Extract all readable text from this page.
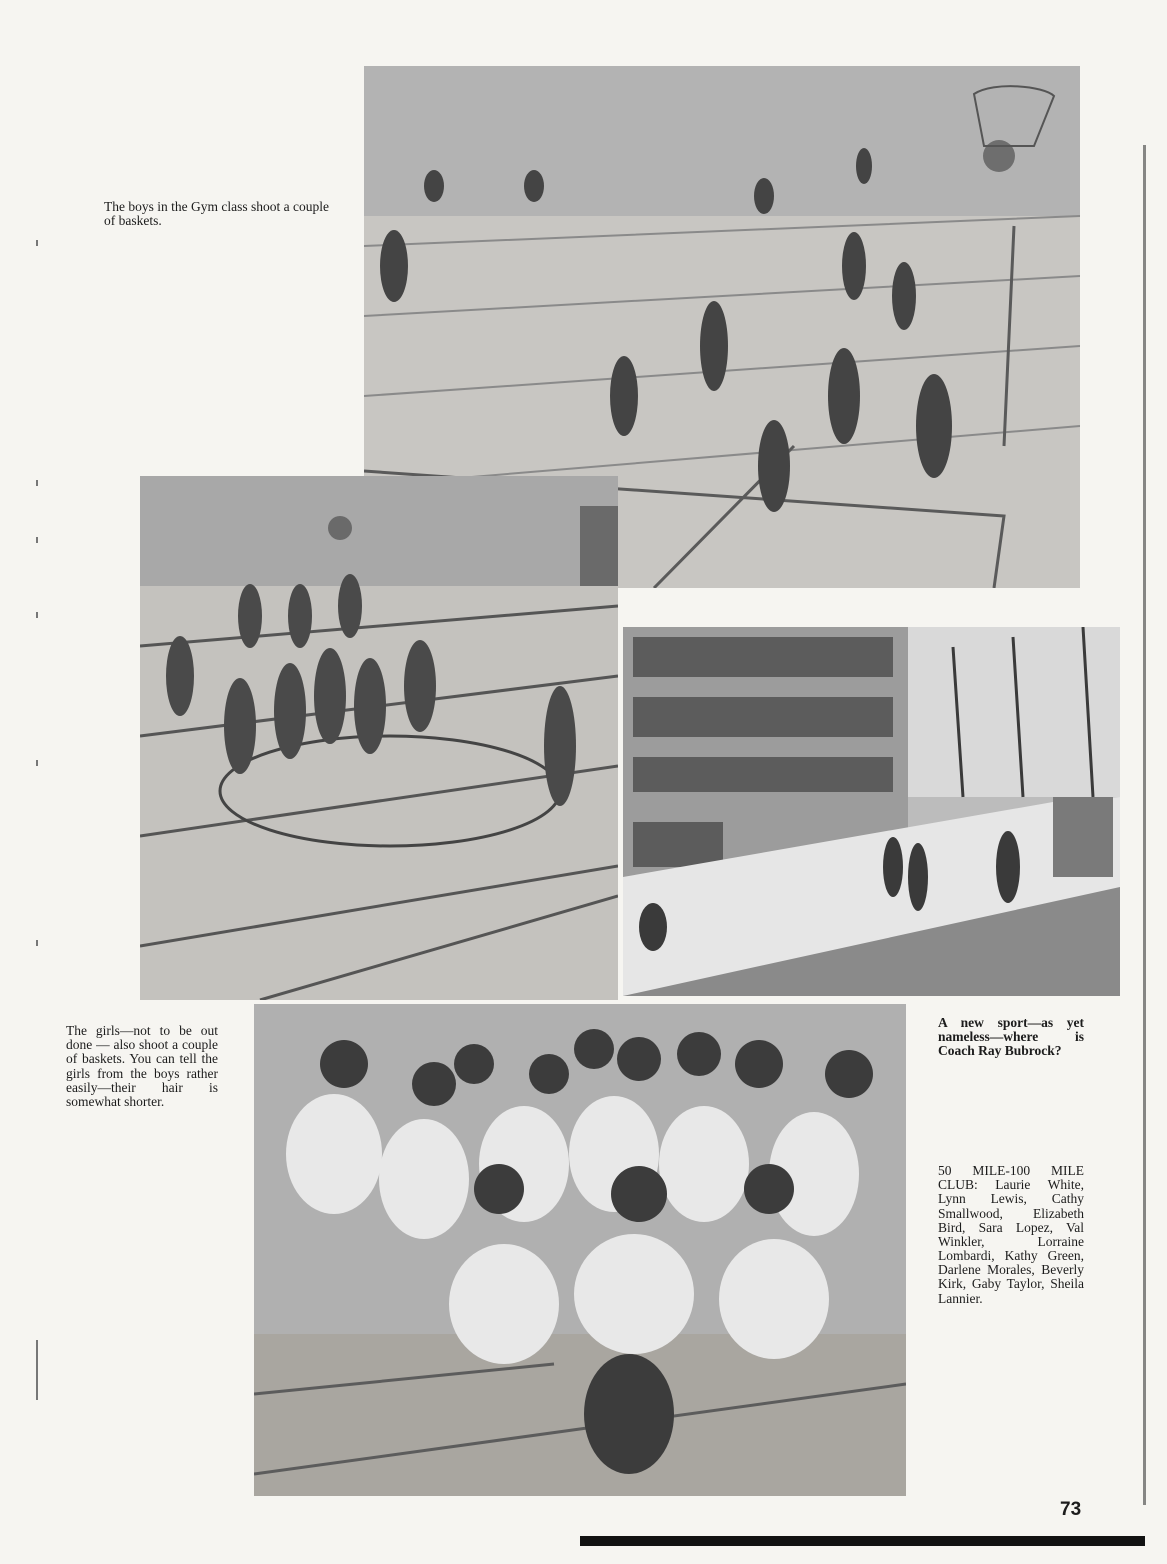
The boys in the Gym class shoot a couple of baskets.

The girls—not to be out done — also shoot a couple of baskets. You can tell the girls from the boys rather easily—their hair is somewhat shorter.

A new sport—as yet nameless—where is Coach Ray Bubrock?

50 MILE-100 MILE CLUB: Laurie White, Lynn Lewis, Cathy Smallwood, Elizabeth Bird, Sara Lopez, Val Winkler, Lorraine Lombardi, Kathy Green, Darlene Morales, Beverly Kirk, Gaby Taylor, Sheila Lannier.

73
